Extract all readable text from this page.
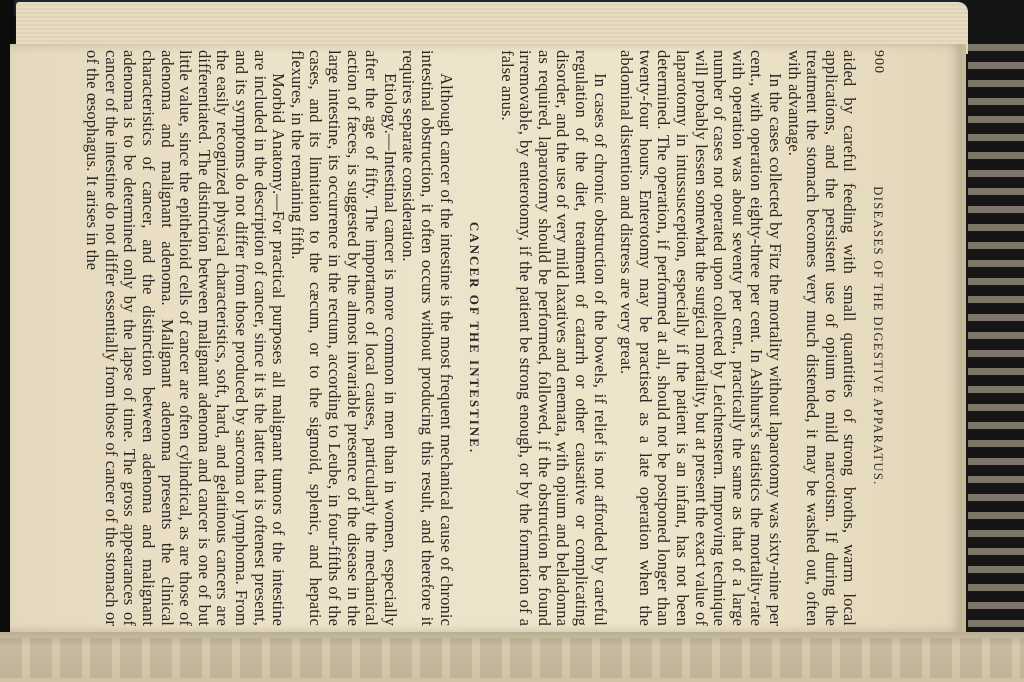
900
DISEASES OF THE DIGESTIVE APPARATUS.

aided by careful feeding with small quantities of strong broths, warm local applications, and the persistent use of opium to mild narcotism. If during the treatment the stomach becomes very much distended, it may be washed out, often with advantage.

In the cases collected by Fitz the mortality without laparotomy was sixty-nine per cent., with operation eighty-three per cent. In Ashhurst's statistics the mortality-rate with operation was about seventy per cent., practically the same as that of a large number of cases not operated upon collected by Leichtenstern. Improving technique will probably lessen somewhat the surgical mortality, but at present the exact value of laparotomy in intussusception, especially if the patient is an infant, has not been determined. The operation, if performed at all, should not be postponed longer than twenty-four hours. Enterotomy may be practised as a late operation when the abdominal distention and distress are very great.

In cases of chronic obstruction of the bowels, if relief is not afforded by careful regulation of the diet, treatment of catarrh or other causative or complicating disorder, and the use of very mild laxatives and enemata, with opium and belladonna as required, laparotomy should be performed, followed, if the obstruction be found irremovable, by enterotomy, if the patient be strong enough, or by the formation of a false anus.

CANCER OF THE INTESTINE.

Although cancer of the intestine is the most frequent mechanical cause of chronic intestinal obstruction, it often occurs without producing this result, and therefore it requires separate consideration.

Etiology.—Intestinal cancer is more common in men than in women, especially after the age of fifty. The importance of local causes, particularly the mechanical action of fæces, is suggested by the almost invariable presence of the disease in the large intestine, its occurrence in the rectum, according to Leube, in four-fifths of the cases, and its limitation to the cæcum, or to the sigmoid, splenic, and hepatic flexures, in the remaining fifth.

Morbid Anatomy.—For practical purposes all malignant tumors of the intestine are included in the description of cancer, since it is the latter that is oftenest present, and its symptoms do not differ from those produced by sarcoma or lymphoma. From the easily recognized physical characteristics, soft, hard, and gelatinous cancers are differentiated. The distinction between malignant adenoma and cancer is one of but little value, since the epithelioid cells of cancer are often cylindrical, as are those of adenoma and malignant adenoma. Malignant adenoma presents the clinical characteristics of cancer, and the distinction between adenoma and malignant adenoma is to be determined only by the lapse of time. The gross appearances of cancer of the intestine do not differ essentially from those of cancer of the stomach or of the œsophagus. It arises in the
